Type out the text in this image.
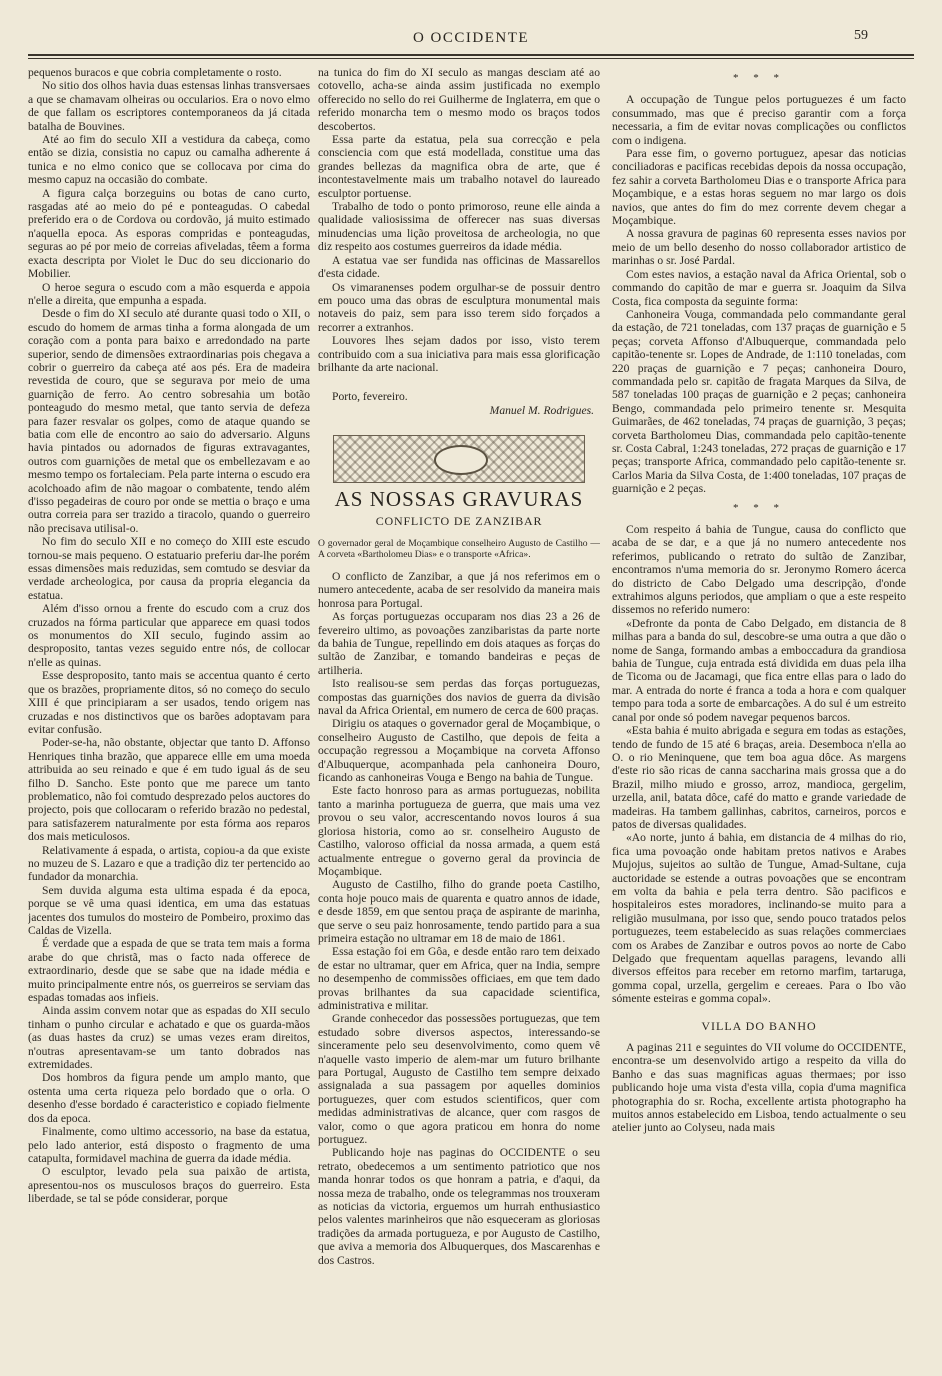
O OCCIDENTE	59

pequenos buracos e que cobria completamente o rosto.

No sitio dos olhos havia duas estensas linhas transversaes a que se chamavam olheiras ou occularios. Era o novo elmo de que fallam os escriptores contemporaneos da já citada batalha de Bouvines.

Até ao fim do seculo XII a vestidura da cabeça, como então se dizia, consistia no capuz ou camalha adherente á tunica e no elmo conico que se collocava por cima do mesmo capuz na occasião do combate.

A figura calça borzeguins ou botas de cano curto, rasgadas até ao meio do pé e ponteagudas. O cabedal preferido era o de Cordova ou cordovão, já muito estimado n'aquella epoca. As esporas compridas e ponteagudas, seguras ao pé por meio de correias afiveladas, têem a forma exacta descripta por Violet le Duc do seu diccionario do Mobilier.

O heroe segura o escudo com a mão esquerda e appoia n'elle a direita, que empunha a espada.

Desde o fim do XI seculo até durante quasi todo o XII, o escudo do homem de armas tinha a forma alongada de um coração com a ponta para baixo e arredondado na parte superior, sendo de dimensões extraordinarias pois chegava a cobrir o guerreiro da cabeça até aos pés. Era de madeira revestida de couro, que se segurava por meio de uma guarnição de ferro. Ao centro sobresahia um botão ponteagudo do mesmo metal, que tanto servia de defeza para fazer resvalar os golpes, como de ataque quando se batia com elle de encontro ao saio do adversario. Alguns havia pintados ou adornados de figuras extravagantes, outros com guarnições de metal que os embellezavam e ao mesmo tempo os fortaleciam. Pela parte interna o escudo era acolchoado afim de não magoar o combatente, tendo além d'isso pegadeiras de couro por onde se mettia o braço e uma outra correia para ser trazido a tiracolo, quando o guerreiro não precisava utilisal-o.

No fim do seculo XII e no começo do XIII este escudo tornou-se mais pequeno. O estatuario preferiu dar-lhe porém essas dimensões mais reduzidas, sem comtudo se desviar da verdade archeologica, por causa da propria elegancia da estatua.

Além d'isso ornou a frente do escudo com a cruz dos cruzados na fórma particular que apparece em quasi todos os monumentos do XII seculo, fugindo assim ao desproposito, tantas vezes seguido entre nós, de collocar n'elle as quinas.

Esse desproposito, tanto mais se accentua quanto é certo que os brazões, propriamente ditos, só no começo do seculo XIII é que principiaram a ser usados, tendo origem nas cruzadas e nos distinctivos que os barões adoptavam para evitar confusão.

Poder-se-ha, não obstante, objectar que tanto D. Affonso Henriques tinha brazão, que apparece ellle em uma moeda attribuida ao seu reinado e que é em tudo igual ás de seu filho D. Sancho. Este ponto que me parece um tanto problematico, não foi comtudo desprezado pelos auctores do projecto, pois que collocaram o referido brazão no pedestal, para satisfazerem naturalmente por esta fórma aos reparos dos mais meticulosos.

Relativamente á espada, o artista, copiou-a da que existe no muzeu de S. Lazaro e que a tradição diz ter pertencido ao fundador da monarchia.

Sem duvida alguma esta ultima espada é da epoca, porque se vê uma quasi identica, em uma das estatuas jacentes dos tumulos do mosteiro de Pombeiro, proximo das Caldas de Vizella.

É verdade que a espada de que se trata tem mais a forma arabe do que christã, mas o facto nada offerece de extraordinario, desde que se sabe que na idade média e muito principalmente entre nós, os guerreiros se serviam das espadas tomadas aos infieis.

Ainda assim convem notar que as espadas do XII seculo tinham o punho circular e achatado e que os guarda-mãos (as duas hastes da cruz) se umas vezes eram direitos, n'outras apresentavam-se um tanto dobrados nas extremidades.

Dos hombros da figura pende um amplo manto, que ostenta uma certa riqueza pelo bordado que o orla. O desenho d'esse bordado é caracteristico e copiado fielmente dos da epoca.

Finalmente, como ultimo accessorio, na base da estatua, pelo lado anterior, está disposto o fragmento de uma catapulta, formidavel machina de guerra da idade média.

O esculptor, levado pela sua paixão de artista, apresentou-nos os musculosos braços do guerreiro. Esta liberdade, se tal se póde considerar, porque

na tunica do fim do XI seculo as mangas desciam até ao cotovello, acha-se ainda assim justificada no exemplo offerecido no sello do rei Guilherme de Inglaterra, em que o referido monarcha tem o mesmo modo os braços todos descobertos.

Essa parte da estatua, pela sua correcção e pela consciencia com que está modellada, constitue uma das grandes bellezas da magnifica obra de arte, que é incontestavelmente mais um trabalho notavel do laureado esculptor portuense.

Trabalho de todo o ponto primoroso, reune elle ainda a qualidade valiosissima de offerecer nas suas diversas minudencias uma lição proveitosa de archeologia, no que diz respeito aos costumes guerreiros da idade média.

A estatua vae ser fundida nas officinas de Massarellos d'esta cidade.

Os vimaranenses podem orgulhar-se de possuir dentro em pouco uma das obras de esculptura monumental mais notaveis do paiz, sem para isso terem sido forçados a recorrer a extranhos.

Louvores lhes sejam dados por isso, visto terem contribuido com a sua iniciativa para mais essa glorificação brilhante da arte nacional.

Porto, fevereiro.

Manuel M. Rodrigues.

AS NOSSAS GRAVURAS
CONFLICTO DE ZANZIBAR

O governador geral de Moçambique conselheiro Augusto de Castilho — A corveta «Bartholomeu Dias» e o transporte «Africa».

O conflicto de Zanzibar, a que já nos referimos em o numero antecedente, acaba de ser resolvido da maneira mais honrosa para Portugal.

As forças portuguezas occuparam nos dias 23 a 26 de fevereiro ultimo, as povoações zanzibaristas da parte norte da bahia de Tungue, repellindo em dois ataques as forças do sultão de Zanzibar, e tomando bandeiras e peças de artilheria.

Isto realisou-se sem perdas das forças portuguezas, compostas das guarnições dos navios de guerra da divisão naval da Africa Oriental, em numero de cerca de 600 praças.

Dirigiu os ataques o governador geral de Moçambique, o conselheiro Augusto de Castilho, que depois de feita a occupação regressou a Moçambique na corveta Affonso d'Albuquerque, acompanhada pela canhoneira Douro, ficando as canhoneiras Vouga e Bengo na bahia de Tungue.

Este facto honroso para as armas portuguezas, nobilita tanto a marinha portugueza de guerra, que mais uma vez provou o seu valor, accrescentando novos louros á sua gloriosa historia, como ao sr. conselheiro Augusto de Castilho, valoroso official da nossa armada, a quem está actualmente entregue o governo geral da provincia de Moçambique.

Augusto de Castilho, filho do grande poeta Castilho, conta hoje pouco mais de quarenta e quatro annos de idade, e desde 1859, em que sentou praça de aspirante de marinha, que serve o seu paiz honrosamente, tendo partido para a sua primeira estação no ultramar em 18 de maio de 1861.

Essa estação foi em Gôa, e desde então raro tem deixado de estar no ultramar, quer em Africa, quer na India, sempre no desempenho de commissões officiaes, em que tem dado provas brilhantes da sua capacidade scientifica, administrativa e militar.

Grande conhecedor das possessões portuguezas, que tem estudado sobre diversos aspectos, interessando-se sinceramente pelo seu desenvolvimento, como quem vê n'aquelle vasto imperio de alem-mar um futuro brilhante para Portugal, Augusto de Castilho tem sempre deixado assignalada a sua passagem por aquelles dominios portuguezes, quer com estudos scientificos, quer com medidas administrativas de alcance, quer com rasgos de valor, como o que agora praticou em honra do nome portuguez.

Publicando hoje nas paginas do OCCIDENTE o seu retrato, obedecemos a um sentimento patriotico que nos manda honrar todos os que honram a patria, e d'aqui, da nossa meza de trabalho, onde os telegrammas nos trouxeram as noticias da victoria, erguemos um hurrah enthusiastico pelos valentes marinheiros que não esqueceram as gloriosas tradições da armada portugueza, e por Augusto de Castilho, que aviva a memoria dos Albuquerques, dos Mascarenhas e dos Castros.

* * *

A occupação de Tungue pelos portuguezes é um facto consummado, mas que é preciso garantir com a força necessaria, a fim de evitar novas complicações ou conflictos com o indigena.

Para esse fim, o governo portuguez, apesar das noticias conciliadoras e pacificas recebidas depois da nossa occupação, fez sahir a corveta Bartholomeu Dias e o transporte Africa para Moçambique, e a estas horas seguem no mar largo os dois navios, que antes do fim do mez corrente devem chegar a Moçambique.

A nossa gravura de paginas 60 representa esses navios por meio de um bello desenho do nosso collaborador artistico de marinhas o sr. José Pardal.

Com estes navios, a estação naval da Africa Oriental, sob o commando do capitão de mar e guerra sr. Joaquim da Silva Costa, fica composta da seguinte forma:

Canhoneira Vouga, commandada pelo commandante geral da estação, de 721 toneladas, com 137 praças de guarnição e 5 peças; corveta Affonso d'Albuquerque, commandada pelo capitão-tenente sr. Lopes de Andrade, de 1:110 toneladas, com 220 praças de guarnição e 7 peças; canhoneira Douro, commandada pelo sr. capitão de fragata Marques da Silva, de 587 toneladas 100 praças de guarnição e 2 peças; canhoneira Bengo, commandada pelo primeiro tenente sr. Mesquita Guimarães, de 462 toneladas, 74 praças de guarnição, 3 peças; corveta Bartholomeu Dias, commandada pelo capitão-tenente sr. Costa Cabral, 1:243 toneladas, 272 praças de guarnição e 17 peças; transporte Africa, commandado pelo capitão-tenente sr. Carlos Maria da Silva Costa, de 1:400 toneladas, 107 praças de guarnição e 2 peças.

* * *

Com respeito á bahia de Tungue, causa do conflicto que acaba de se dar, e a que já no numero antecedente nos referimos, publicando o retrato do sultão de Zanzibar, encontramos n'uma memoria do sr. Jeronymo Romero ácerca do districto de Cabo Delgado uma descripção, d'onde extrahimos alguns periodos, que ampliam o que a este respeito dissemos no referido numero:

«Defronte da ponta de Cabo Delgado, em distancia de 8 milhas para a banda do sul, descobre-se uma outra a que dão o nome de Sanga, formando ambas a emboccadura da grandiosa bahia de Tungue, cuja entrada está dividida em duas pela ilha de Ticoma ou de Jacamagi, que fica entre ellas para o lado do mar. A entrada do norte é franca a toda a hora e com qualquer tempo para toda a sorte de embarcações. A do sul é um estreito canal por onde só podem navegar pequenos barcos.

«Esta bahia é muito abrigada e segura em todas as estações, tendo de fundo de 15 até 6 braças, areia. Desemboca n'ella ao O. o rio Meninquene, que tem boa agua dôce. As margens d'este rio são ricas de canna saccharina mais grossa que a do Brazil, milho miudo e grosso, arroz, mandioca, gergelim, urzella, anil, batata dôce, café do matto e grande variedade de madeiras. Ha tambem gallinhas, cabritos, carneiros, porcos e patos de diversas qualidades.

«Ao norte, junto á bahia, em distancia de 4 milhas do rio, fica uma povoação onde habitam pretos nativos e Arabes Mujojus, sujeitos ao sultão de Tungue, Amad-Sultane, cuja auctoridade se estende a outras povoações que se encontram em volta da bahia e pela terra dentro. São pacificos e hospitaleiros estes moradores, inclinando-se muito para a religião musulmana, por isso que, sendo pouco tratados pelos portuguezes, teem estabelecido as suas relações commerciaes com os Arabes de Zanzibar e outros povos ao norte de Cabo Delgado que frequentam aquellas paragens, levando alli diversos effeitos para receber em retorno marfim, tartaruga, gomma copal, urzella, gergelim e cereaes. Para o Ibo vão sómente esteiras e gomma copal».

VILLA DO BANHO

A paginas 211 e seguintes do VII volume do OCCIDENTE, encontra-se um desenvolvido artigo a respeito da villa do Banho e das suas magnificas aguas thermaes; por isso publicando hoje uma vista d'esta villa, copia d'uma magnifica photographia do sr. Rocha, excellente artista photographo ha muitos annos estabelecido em Lisboa, tendo actualmente o seu atelier junto ao Colyseu, nada mais
